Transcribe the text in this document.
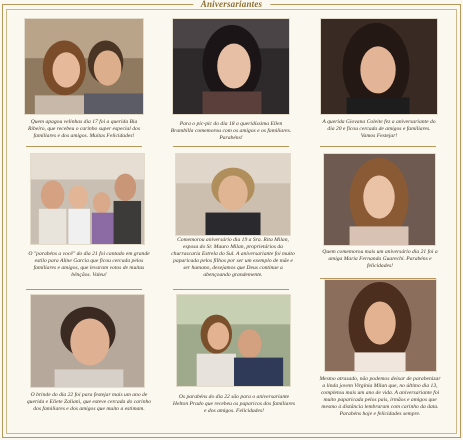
Aniversariantes
Quem apagou velinhas dia 17 foi a querida Bia Ribeiro, que recebeu o carinho super especial dos familiares e dos amigos. Muitas Felicidades!
Para o pic-pic do dia 18 a queridíssima Ellen Brambilla comemorou com os amigos e os familiares. Parabéns!
A querida Giovana Coleite fez a aniversariante do dia 20 e ficou cercada de amigos e familiares. Vamos Festejar!
O "parabéns a você" do dia 21 foi cantado em grande estilo para Aline Garcia que ficou cercada pelos familiares e amigos, que levaram votos de muitas bênçãos. Valeu!
Comemorou aniversário dia 19 a Sra. Rita Milan, esposa do Sr. Mauro Milan, proprietários da churrascaria Estrela do Sul. A aniversariante foi muito paparicada pelos filhos por ser um exemplo de mãe e ser humano, desejamos que Deus continue a abençoando grandemente.
Quem comemorou mais um aniversário dia 21 foi a amiga Maria Fernanda Guarechi. Parabéns e felicidades!
O brinde do dia 22 foi para festejar mais um ano de querida e Eliete Zaliani, que esteve cercada do carinho dos familiares e dos amigos que muito a estimam.
Os parabéns do dia 22 são para o aniversariante Helton Prado que recebeu os paparicos dos familiares e dos amigos. Felicidades!
Mesmo atrasado, não podemos deixar de parabenizar a linda jovem Virgínia Milan que, no último dia 13, completou mais um ano de vida. A aniversariante foi muito paparicada pelos pais, irmãos e amigos que mesmo à distância lembraram com carinho da data. Parabéns hoje e felicidades sempre.
